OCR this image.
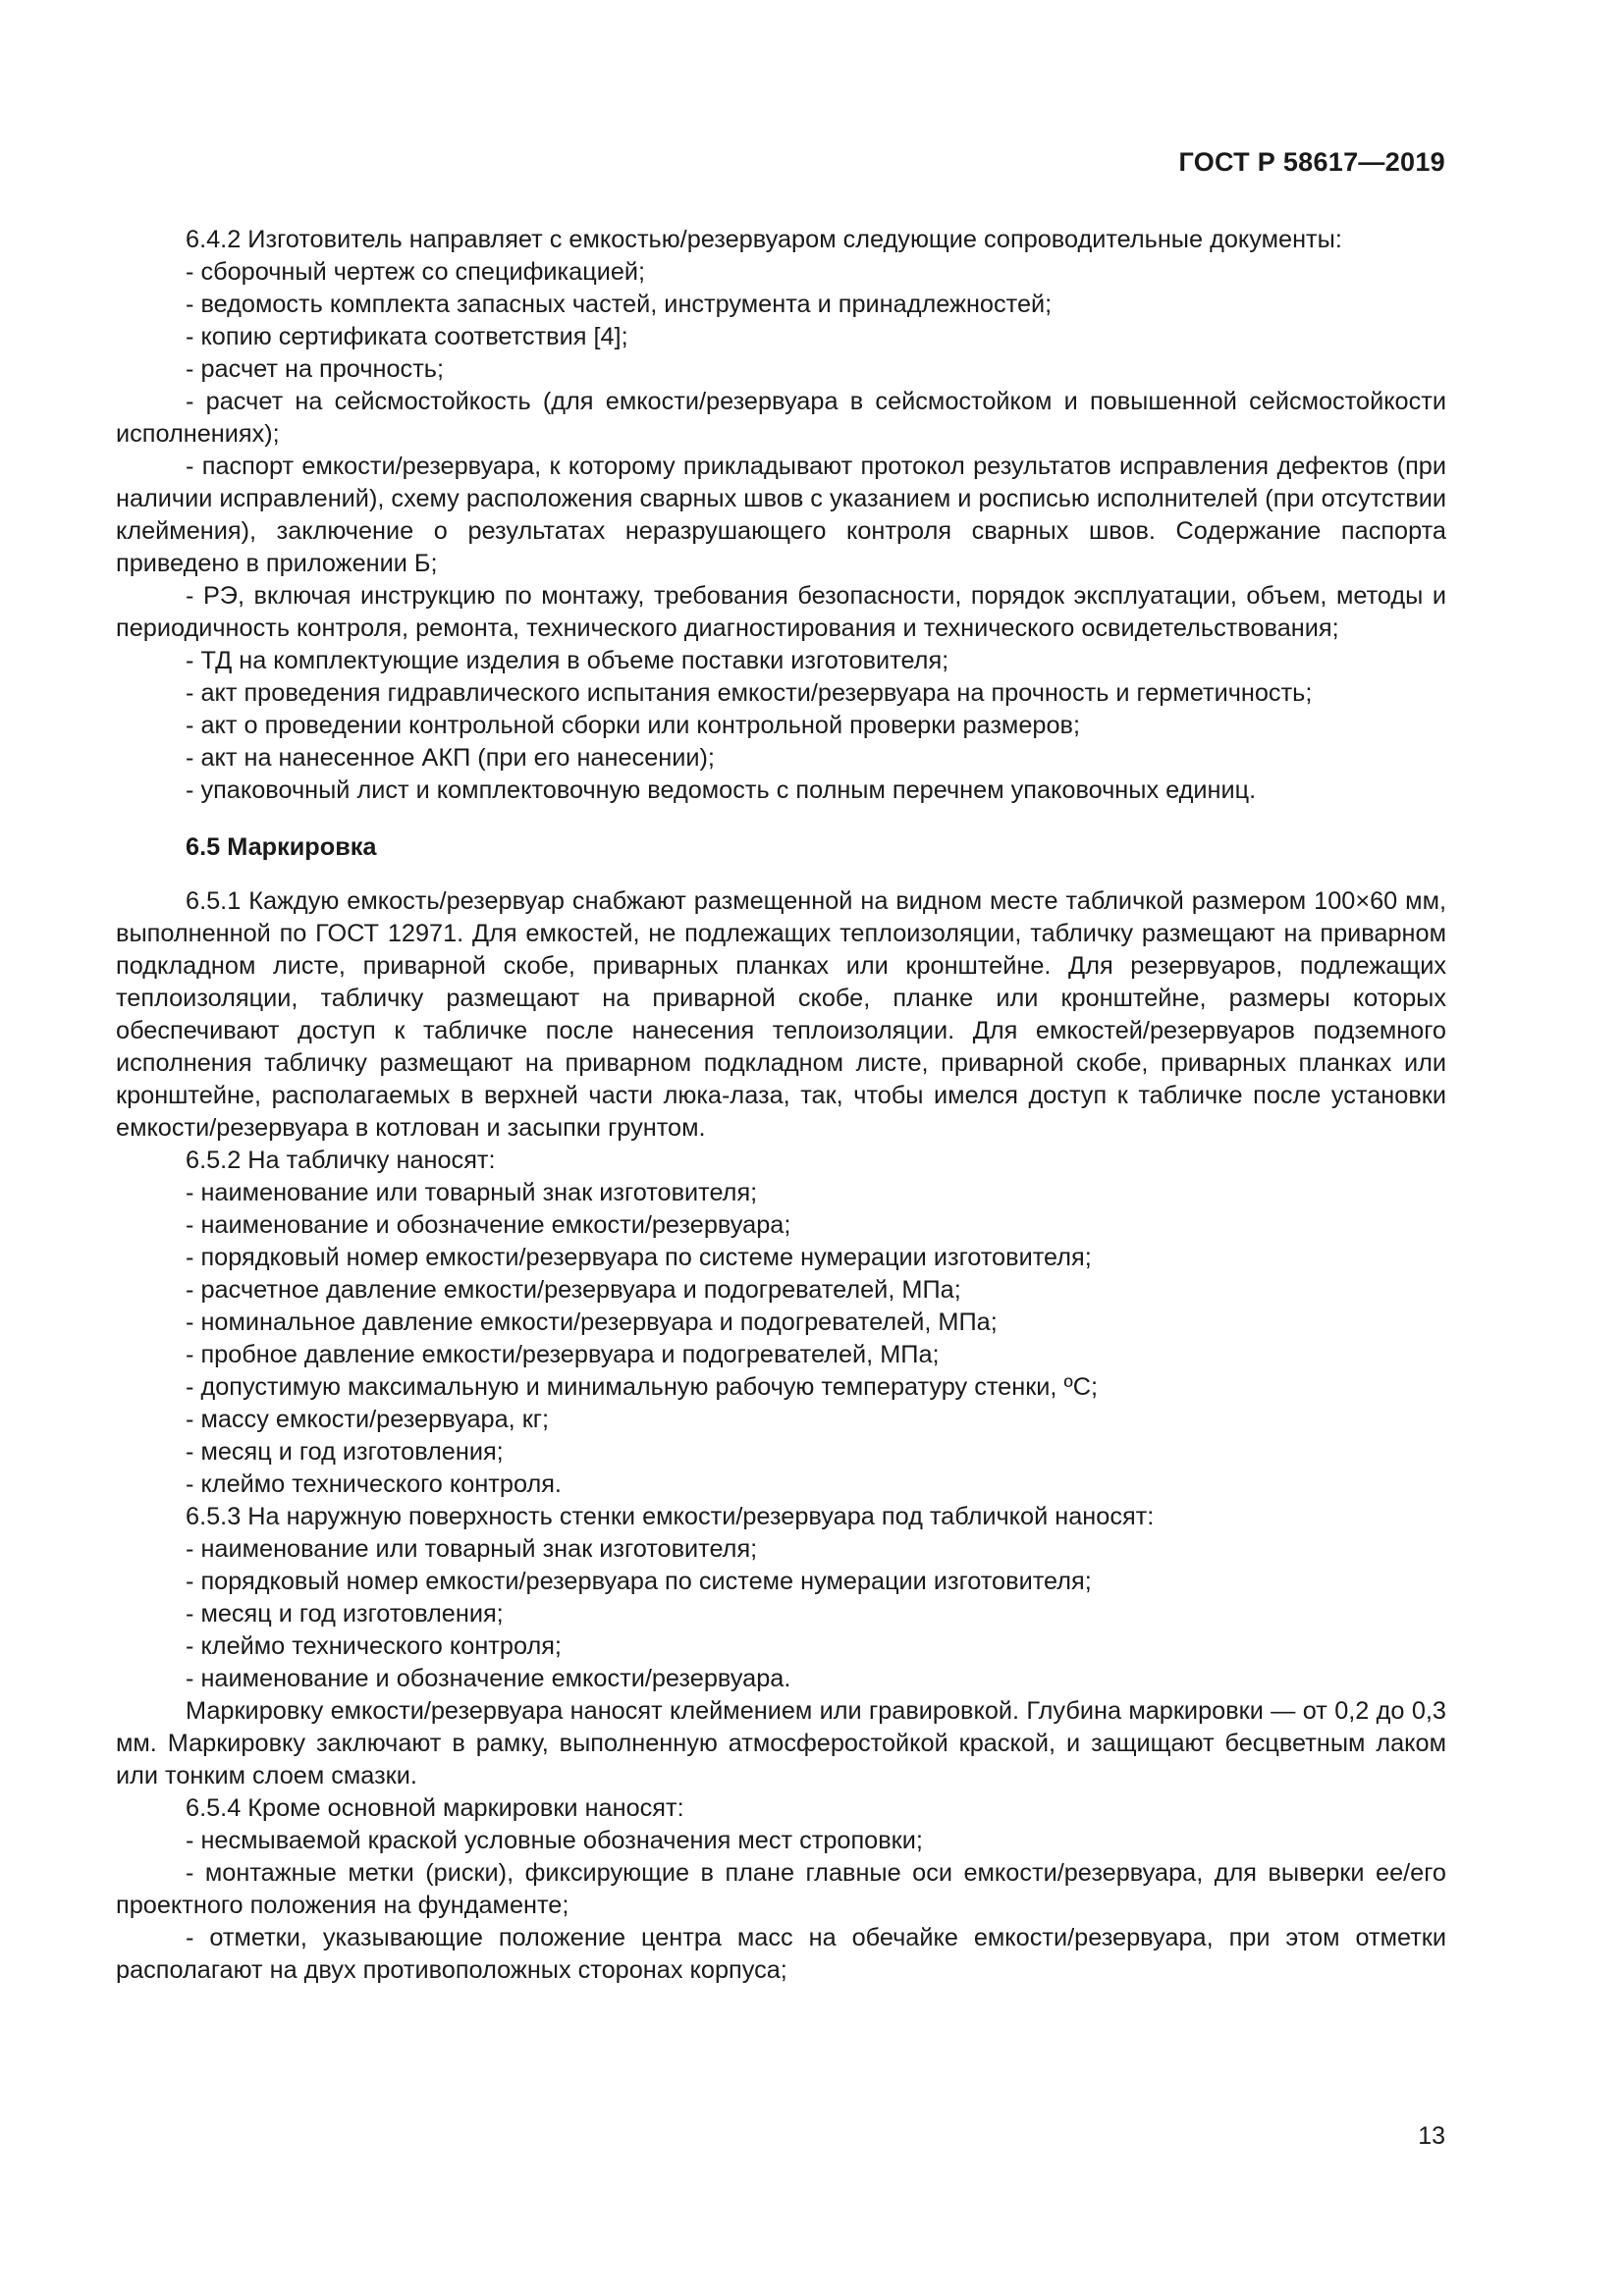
ГОСТ Р 58617—2019

6.4.2 Изготовитель направляет с емкостью/резервуаром следующие сопроводительные документы:

- сборочный чертеж со спецификацией;

- ведомость комплекта запасных частей, инструмента и принадлежностей;

- копию сертификата соответствия [4];

- расчет на прочность;

- расчет на сейсмостойкость (для емкости/резервуара в сейсмостойком и повышенной сейсмостойкости исполнениях);

- паспорт емкости/резервуара, к которому прикладывают протокол результатов исправления дефектов (при наличии исправлений), схему расположения сварных швов с указанием и росписью исполнителей (при отсутствии клеймения), заключение о результатах неразрушающего контроля сварных швов. Содержание паспорта приведено в приложении Б;

- РЭ, включая инструкцию по монтажу, требования безопасности, порядок эксплуатации, объем, методы и периодичность контроля, ремонта, технического диагностирования и технического освидетельствования;

- ТД на комплектующие изделия в объеме поставки изготовителя;

- акт проведения гидравлического испытания емкости/резервуара на прочность и герметичность;

- акт о проведении контрольной сборки или контрольной проверки размеров;

- акт на нанесенное АКП (при его нанесении);

- упаковочный лист и комплектовочную ведомость с полным перечнем упаковочных единиц.

6.5 Маркировка

6.5.1 Каждую емкость/резервуар снабжают размещенной на видном месте табличкой размером 100×60 мм, выполненной по ГОСТ 12971. Для емкостей, не подлежащих теплоизоляции, табличку размещают на приварном подкладном листе, приварной скобе, приварных планках или кронштейне. Для резервуаров, подлежащих теплоизоляции, табличку размещают на приварной скобе, планке или кронштейне, размеры которых обеспечивают доступ к табличке после нанесения теплоизоляции. Для емкостей/резервуаров подземного исполнения табличку размещают на приварном подкладном листе, приварной скобе, приварных планках или кронштейне, располагаемых в верхней части люка-лаза, так, чтобы имелся доступ к табличке после установки емкости/резервуара в котлован и засыпки грунтом.

6.5.2 На табличку наносят:

- наименование или товарный знак изготовителя;

- наименование и обозначение емкости/резервуара;

- порядковый номер емкости/резервуара по системе нумерации изготовителя;

- расчетное давление емкости/резервуара и подогревателей, МПа;

- номинальное давление емкости/резервуара и подогревателей, МПа;

- пробное давление емкости/резервуара и подогревателей, МПа;

- допустимую максимальную и минимальную рабочую температуру стенки, ºС;

- массу емкости/резервуара, кг;

- месяц и год изготовления;

- клеймо технического контроля.

6.5.3 На наружную поверхность стенки емкости/резервуара под табличкой наносят:

- наименование или товарный знак изготовителя;

- порядковый номер емкости/резервуара по системе нумерации изготовителя;

- месяц и год изготовления;

- клеймо технического контроля;

- наименование и обозначение емкости/резервуара.

Маркировку емкости/резервуара наносят клеймением или гравировкой. Глубина маркировки — от 0,2 до 0,3 мм. Маркировку заключают в рамку, выполненную атмосферостойкой краской, и защищают бесцветным лаком или тонким слоем смазки.

6.5.4 Кроме основной маркировки наносят:

- несмываемой краской условные обозначения мест строповки;

- монтажные метки (риски), фиксирующие в плане главные оси емкости/резервуара, для выверки ее/его проектного положения на фундаменте;

- отметки, указывающие положение центра масс на обечайке емкости/резервуара, при этом отметки располагают на двух противоположных сторонах корпуса;

13
